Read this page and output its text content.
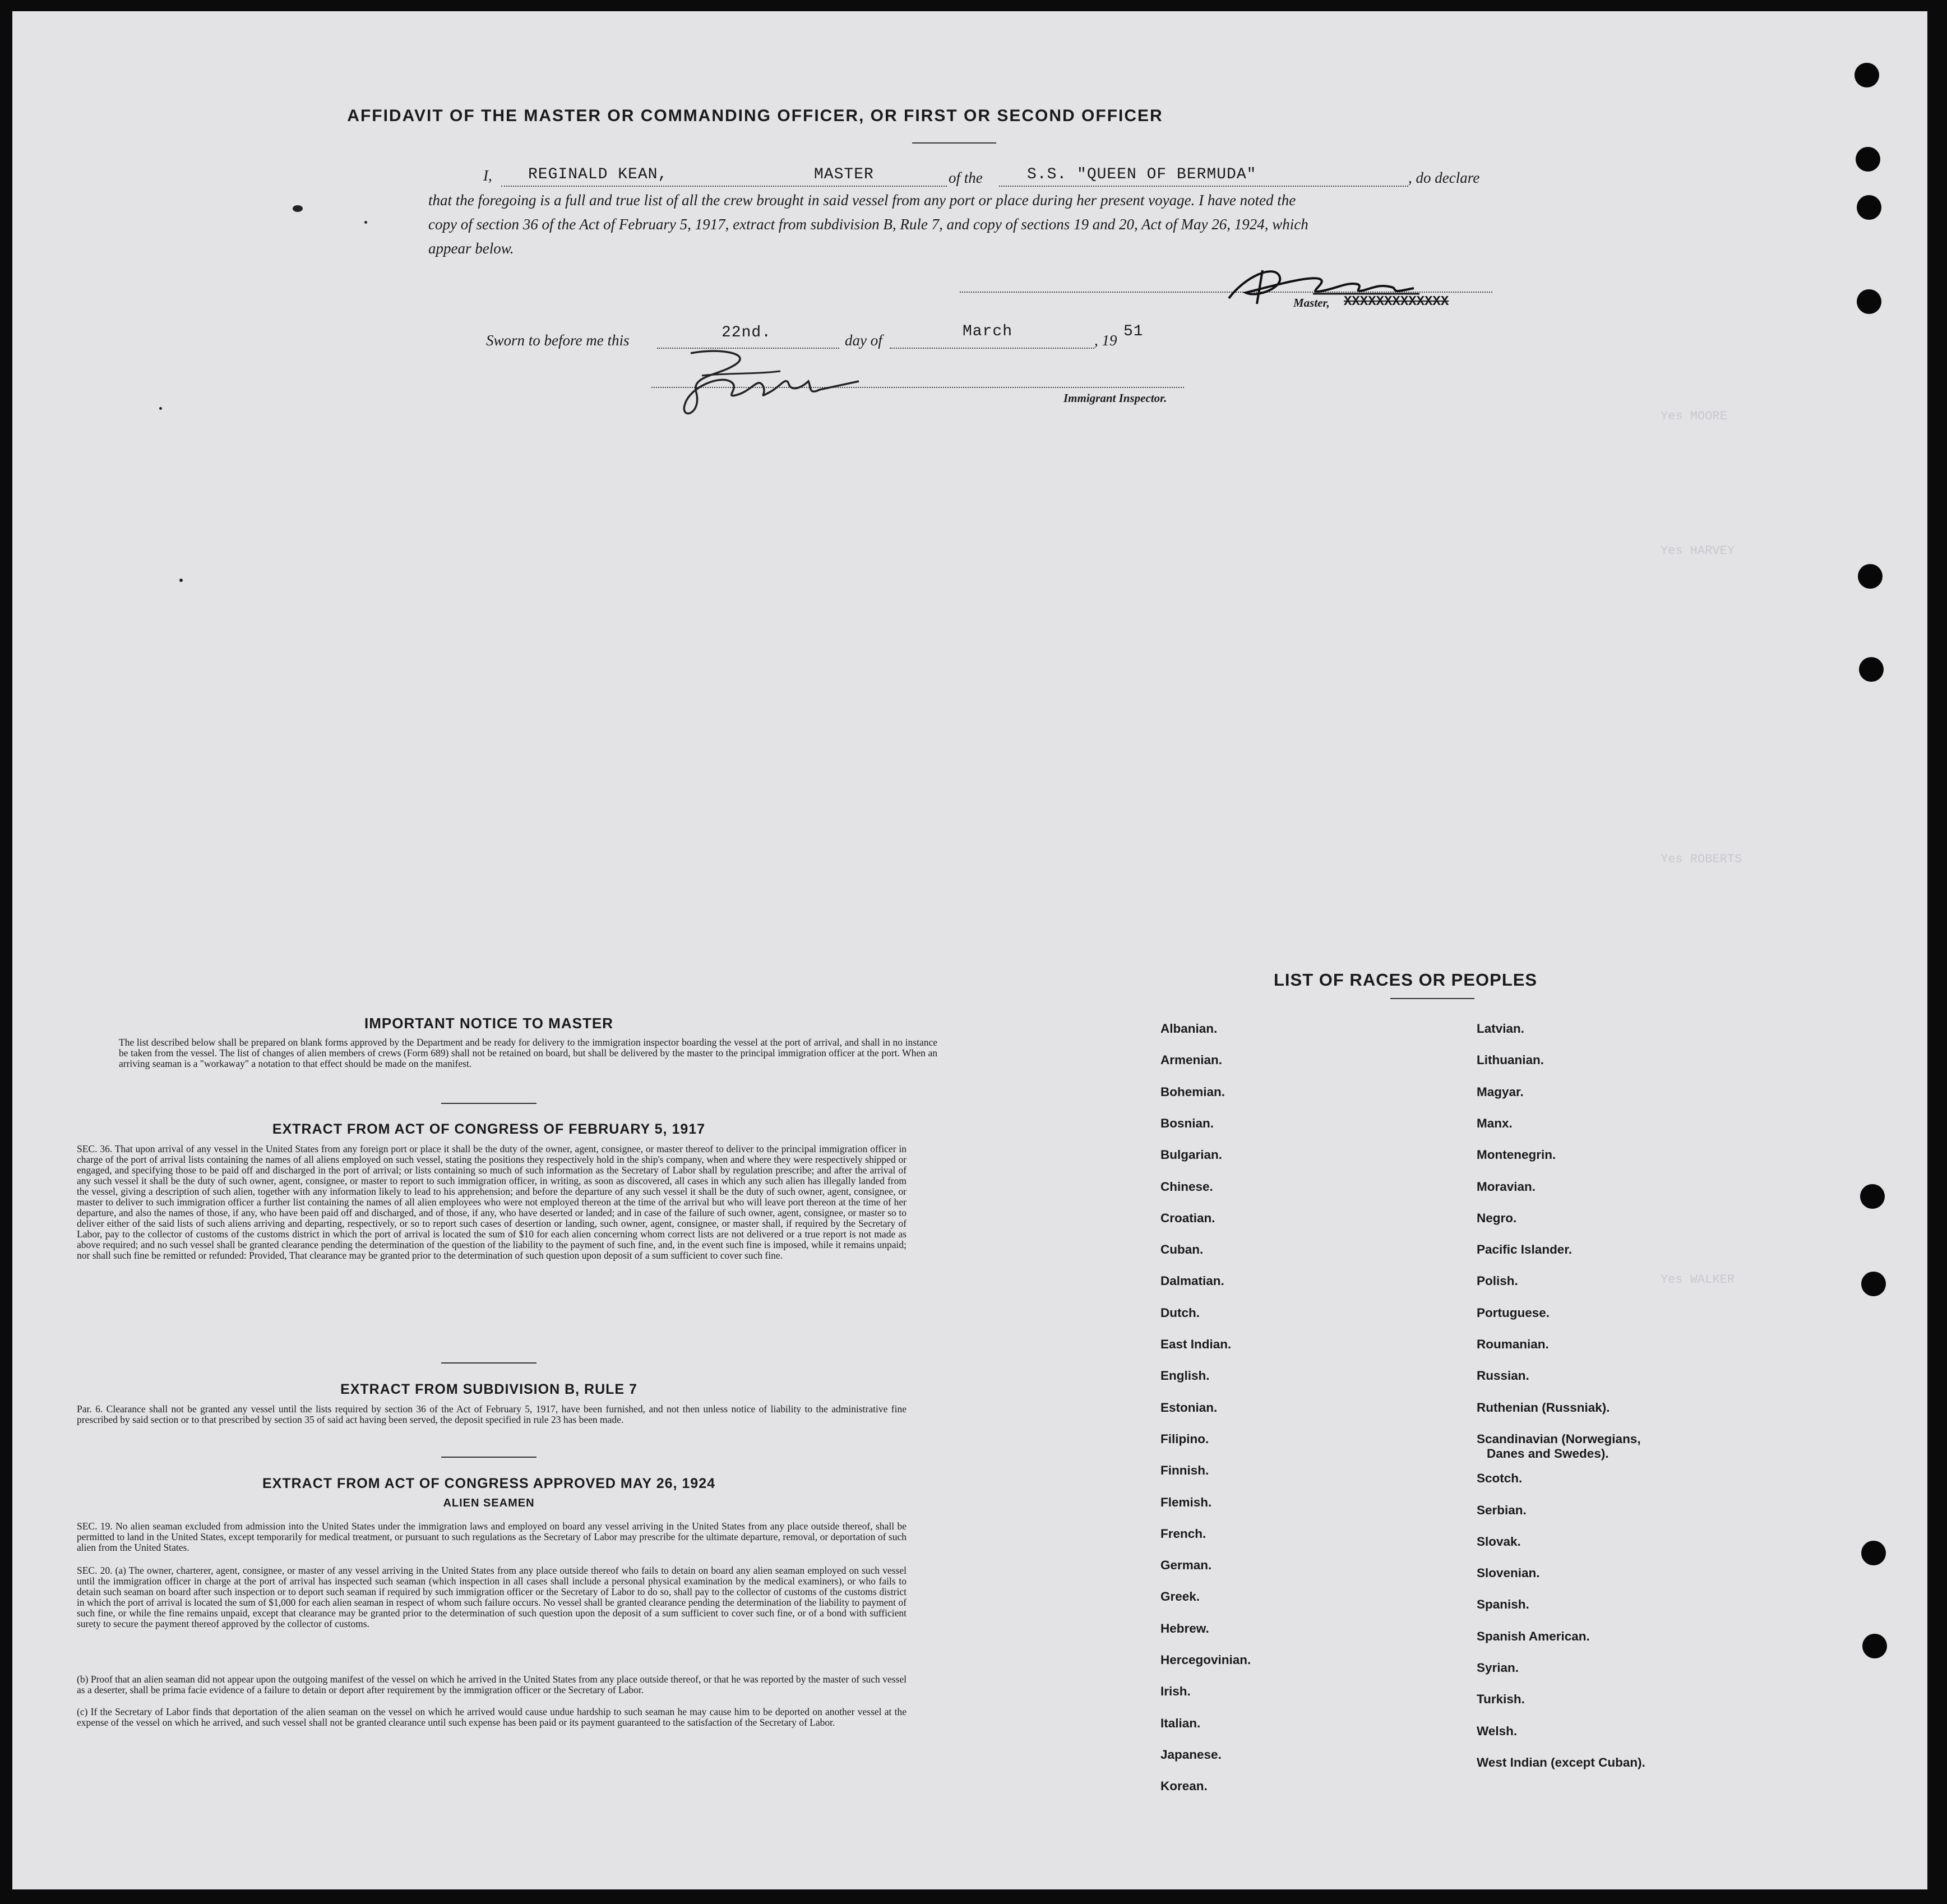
Yes MOORE
Yes HARVEY
Yes ROBERTS
Yes WALKER
AFFIDAVIT OF THE MASTER OR COMMANDING OFFICER, OR FIRST OR SECOND OFFICER
I, REGINALD KEAN,	MASTER	of the	S.S. "QUEEN OF BERMUDA"	, do declare
that the foregoing is a full and true list of all the crew brought in said vessel from any port or place during her present voyage. I have noted the
copy of section 36 of the Act of February 5, 1917, extract from subdivision B, Rule 7, and copy of sections 19 and 20, Act of May 26, 1924, which
appear below.
Master, XXXXXXXXXXXXX
Sworn to before me this	22nd.	day of	March	, 19 51
Immigrant Inspector.
IMPORTANT NOTICE TO MASTER
The list described below shall be prepared on blank forms approved by the Department and be ready for delivery to the immigration inspector boarding the vessel at the port of arrival, and shall in no instance be taken from the vessel. The list of changes of alien members of crews (Form 689) shall not be retained on board, but shall be delivered by the master to the principal immigration officer at the port. When an arriving seaman is a "workaway" a notation to that effect should be made on the manifest.
EXTRACT FROM ACT OF CONGRESS OF FEBRUARY 5, 1917
SEC. 36. That upon arrival of any vessel in the United States from any foreign port or place it shall be the duty of the owner, agent, consignee, or master thereof to deliver to the principal immigration officer in charge of the port of arrival lists containing the names of all aliens employed on such vessel, stating the positions they respectively hold in the ship's company, when and where they were respectively shipped or engaged, and specifying those to be paid off and discharged in the port of arrival; or lists containing so much of such information as the Secretary of Labor shall by regulation prescribe; and after the arrival of any such vessel it shall be the duty of such owner, agent, consignee, or master to report to such immigration officer, in writing, as soon as discovered, all cases in which any such alien has illegally landed from the vessel, giving a description of such alien, together with any information likely to lead to his apprehension; and before the departure of any such vessel it shall be the duty of such owner, agent, consignee, or master to deliver to such immigration officer a further list containing the names of all alien employees who were not employed thereon at the time of the arrival but who will leave port thereon at the time of her departure, and also the names of those, if any, who have been paid off and discharged, and of those, if any, who have deserted or landed; and in case of the failure of such owner, agent, consignee, or master so to deliver either of the said lists of such aliens arriving and departing, respectively, or so to report such cases of desertion or landing, such owner, agent, consignee, or master shall, if required by the Secretary of Labor, pay to the collector of customs of the customs district in which the port of arrival is located the sum of $10 for each alien concerning whom correct lists are not delivered or a true report is not made as above required; and no such vessel shall be granted clearance pending the determination of the question of the liability to the payment of such fine, and, in the event such fine is imposed, while it remains unpaid; nor shall such fine be remitted or refunded: Provided, That clearance may be granted prior to the determination of such question upon deposit of a sum sufficient to cover such fine.
EXTRACT FROM SUBDIVISION B, RULE 7
Par. 6. Clearance shall not be granted any vessel until the lists required by section 36 of the Act of February 5, 1917, have been furnished, and not then unless notice of liability to the administrative fine prescribed by said section or to that prescribed by section 35 of said act having been served, the deposit specified in rule 23 has been made.
EXTRACT FROM ACT OF CONGRESS APPROVED MAY 26, 1924
ALIEN SEAMEN
SEC. 19. No alien seaman excluded from admission into the United States under the immigration laws and employed on board any vessel arriving in the United States from any place outside thereof, shall be permitted to land in the United States, except temporarily for medical treatment, or pursuant to such regulations as the Secretary of Labor may prescribe for the ultimate departure, removal, or deportation of such alien from the United States.
SEC. 20. (a) The owner, charterer, agent, consignee, or master of any vessel arriving in the United States from any place outside thereof who fails to detain on board any alien seaman employed on such vessel until the immigration officer in charge at the port of arrival has inspected such seaman (which inspection in all cases shall include a personal physical examination by the medical examiners), or who fails to detain such seaman on board after such inspection or to deport such seaman if required by such immigration officer or the Secretary of Labor to do so, shall pay to the collector of customs of the customs district in which the port of arrival is located the sum of $1,000 for each alien seaman in respect of whom such failure occurs. No vessel shall be granted clearance pending the determination of the liability to payment of such fine, or while the fine remains unpaid, except that clearance may be granted prior to the determination of such question upon the deposit of a sum sufficient to cover such fine, or of a bond with sufficient surety to secure the payment thereof approved by the collector of customs.
(b) Proof that an alien seaman did not appear upon the outgoing manifest of the vessel on which he arrived in the United States from any place outside thereof, or that he was reported by the master of such vessel as a deserter, shall be prima facie evidence of a failure to detain or deport after requirement by the immigration officer or the Secretary of Labor.
(c) If the Secretary of Labor finds that deportation of the alien seaman on the vessel on which he arrived would cause undue hardship to such seaman he may cause him to be deported on another vessel at the expense of the vessel on which he arrived, and such vessel shall not be granted clearance until such expense has been paid or its payment guaranteed to the satisfaction of the Secretary of Labor.
LIST OF RACES OR PEOPLES
Albanian.
Armenian.
Bohemian.
Bosnian.
Bulgarian.
Chinese.
Croatian.
Cuban.
Dalmatian.
Dutch.
East Indian.
English.
Estonian.
Filipino.
Finnish.
Flemish.
French.
German.
Greek.
Hebrew.
Hercegovinian.
Irish.
Italian.
Japanese.
Korean.
Latvian.
Lithuanian.
Magyar.
Manx.
Montenegrin.
Moravian.
Negro.
Pacific Islander.
Polish.
Portuguese.
Roumanian.
Russian.
Ruthenian (Russniak).
Scandinavian (Norwegians,
Scotch.
Serbian.
Slovak.
Slovenian.
Spanish.
Spanish American.
Syrian.
Turkish.
Welsh.
West Indian (except Cuban).
Danes and Swedes).
